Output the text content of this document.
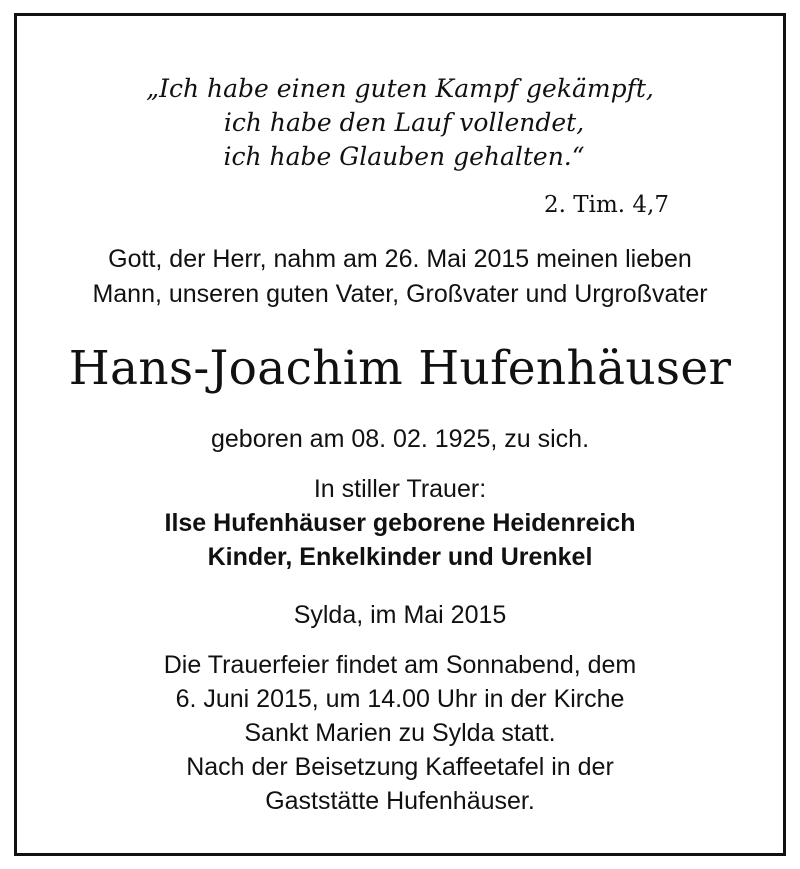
„Ich habe einen guten Kampf gekämpft,
ich habe den Lauf vollendet,
ich habe Glauben gehalten.“
2. Tim. 4,7
Gott, der Herr, nahm am 26. Mai 2015 meinen lieben
Mann, unseren guten Vater, Großvater und Urgroßvater
Hans-Joachim Hufenhäuser
geboren am 08. 02. 1925, zu sich.
In stiller Trauer:
Ilse Hufenhäuser geborene Heidenreich
Kinder, Enkelkinder und Urenkel
Sylda, im Mai 2015
Die Trauerfeier findet am Sonnabend, dem
6. Juni 2015, um 14.00 Uhr in der Kirche
Sankt Marien zu Sylda statt.
Nach der Beisetzung Kaffeetafel in der
Gaststätte Hufenhäuser.
